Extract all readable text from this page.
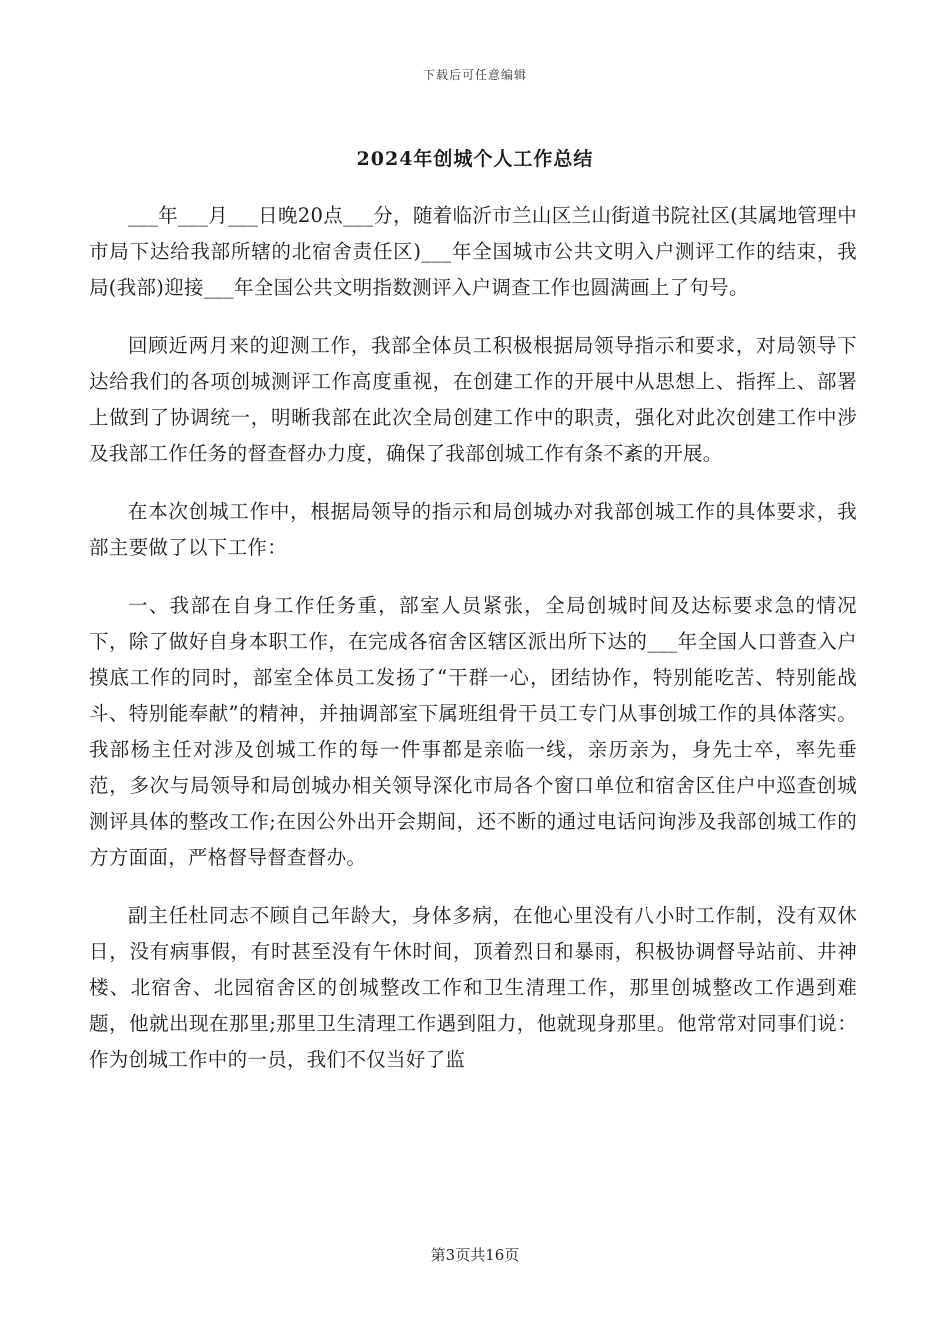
下载后可任意编辑
2024年创城个人工作总结

___年___月___日晚20点___分，随着临沂市兰山区兰山街道书院社区(其属地管理中市局下达给我部所辖的北宿舍责任区)___年全国城市公共文明入户测评工作的结束，我局(我部)迎接___年全国公共文明指数测评入户调查工作也圆满画上了句号。

回顾近两月来的迎测工作，我部全体员工积极根据局领导指示和要求，对局领导下达给我们的各项创城测评工作高度重视，在创建工作的开展中从思想上、指挥上、部署上做到了协调统一，明晰我部在此次全局创建工作中的职责，强化对此次创建工作中涉及我部工作任务的督查督办力度，确保了我部创城工作有条不紊的开展。

在本次创城工作中，根据局领导的指示和局创城办对我部创城工作的具体要求，我部主要做了以下工作：

一、我部在自身工作任务重，部室人员紧张，全局创城时间及达标要求急的情况下，除了做好自身本职工作，在完成各宿舍区辖区派出所下达的___年全国人口普查入户摸底工作的同时，部室全体员工发扬了“干群一心，团结协作，特别能吃苦、特别能战斗、特别能奉献”的精神，并抽调部室下属班组骨干员工专门从事创城工作的具体落实。我部杨主任对涉及创城工作的每一件事都是亲临一线，亲历亲为，身先士卒，率先垂范，多次与局领导和局创城办相关领导深化市局各个窗口单位和宿舍区住户中巡查创城测评具体的整改工作;在因公外出开会期间，还不断的通过电话问询涉及我部创城工作的方方面面，严格督导督查督办。

副主任杜同志不顾自己年龄大，身体多病，在他心里没有八小时工作制，没有双休日，没有病事假，有时甚至没有午休时间，顶着烈日和暴雨，积极协调督导站前、井神楼、北宿舍、北园宿舍区的创城整改工作和卫生清理工作，那里创城整改工作遇到难题，他就出现在那里;那里卫生清理工作遇到阻力，他就现身那里。他常常对同事们说：作为创城工作中的一员，我们不仅当好了监

第3页共16页
